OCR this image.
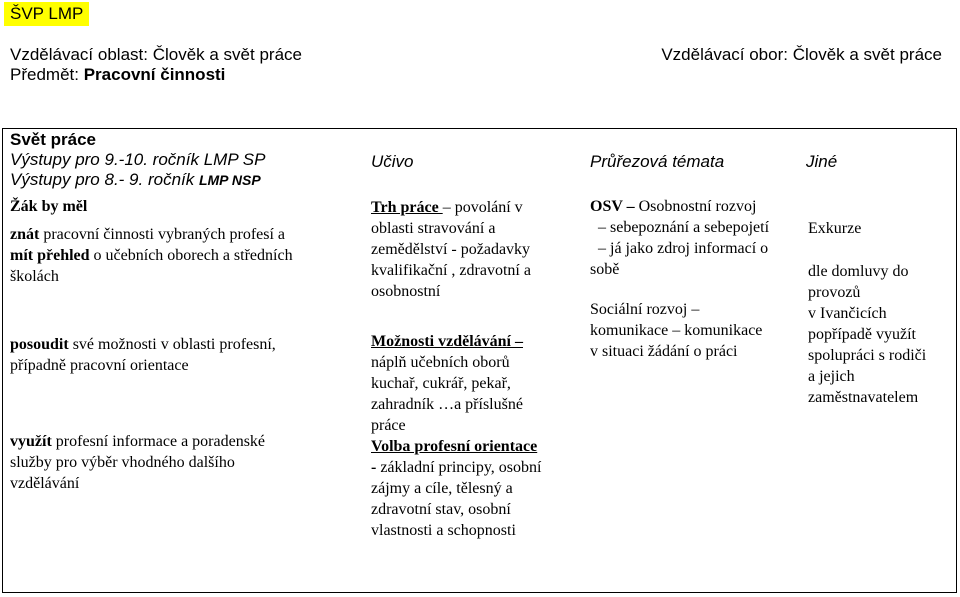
ŠVP LMP

Vzdělávací oblast: Člověk a svět práce

Předmět: Pracovní činnosti

Vzdělávací obor: Člověk a svět práce

Svět práce

Výstupy pro 9.-10. ročník LMP SP

Výstupy pro 8.- 9. ročník LMP NSP

Učivo	Průřezová témata	Jiné

Žák by měl

znát pracovní činnosti vybraných profesí a

mít přehled o učebních oborech a středních

školách

posoudit své možnosti v oblasti profesní,

případně pracovní orientace

využít profesní informace a poradenské

služby pro výběr vhodného dalšího

vzdělávání

Trh práce – povolání v

oblasti stravování a

zemědělství - požadavky

kvalifikační , zdravotní a

osobnostní

Možnosti vzdělávání –

náplň učebních oborů

kuchař, cukrář, pekař,

zahradník …a příslušné

práce

Volba profesní orientace

- základní principy, osobní

zájmy a cíle, tělesný a

zdravotní stav, osobní

vlastnosti a schopnosti

OSV – Osobnostní rozvoj

– sebepoznání a sebepojetí

– já jako zdroj informací o

sobě

Sociální rozvoj –

komunikace – komunikace

v situaci žádání o práci

Exkurze

dle domluvy do

provozů

v Ivančicích

popřípadě využít

spolupráci s rodiči

a jejich

zaměstnavatelem
